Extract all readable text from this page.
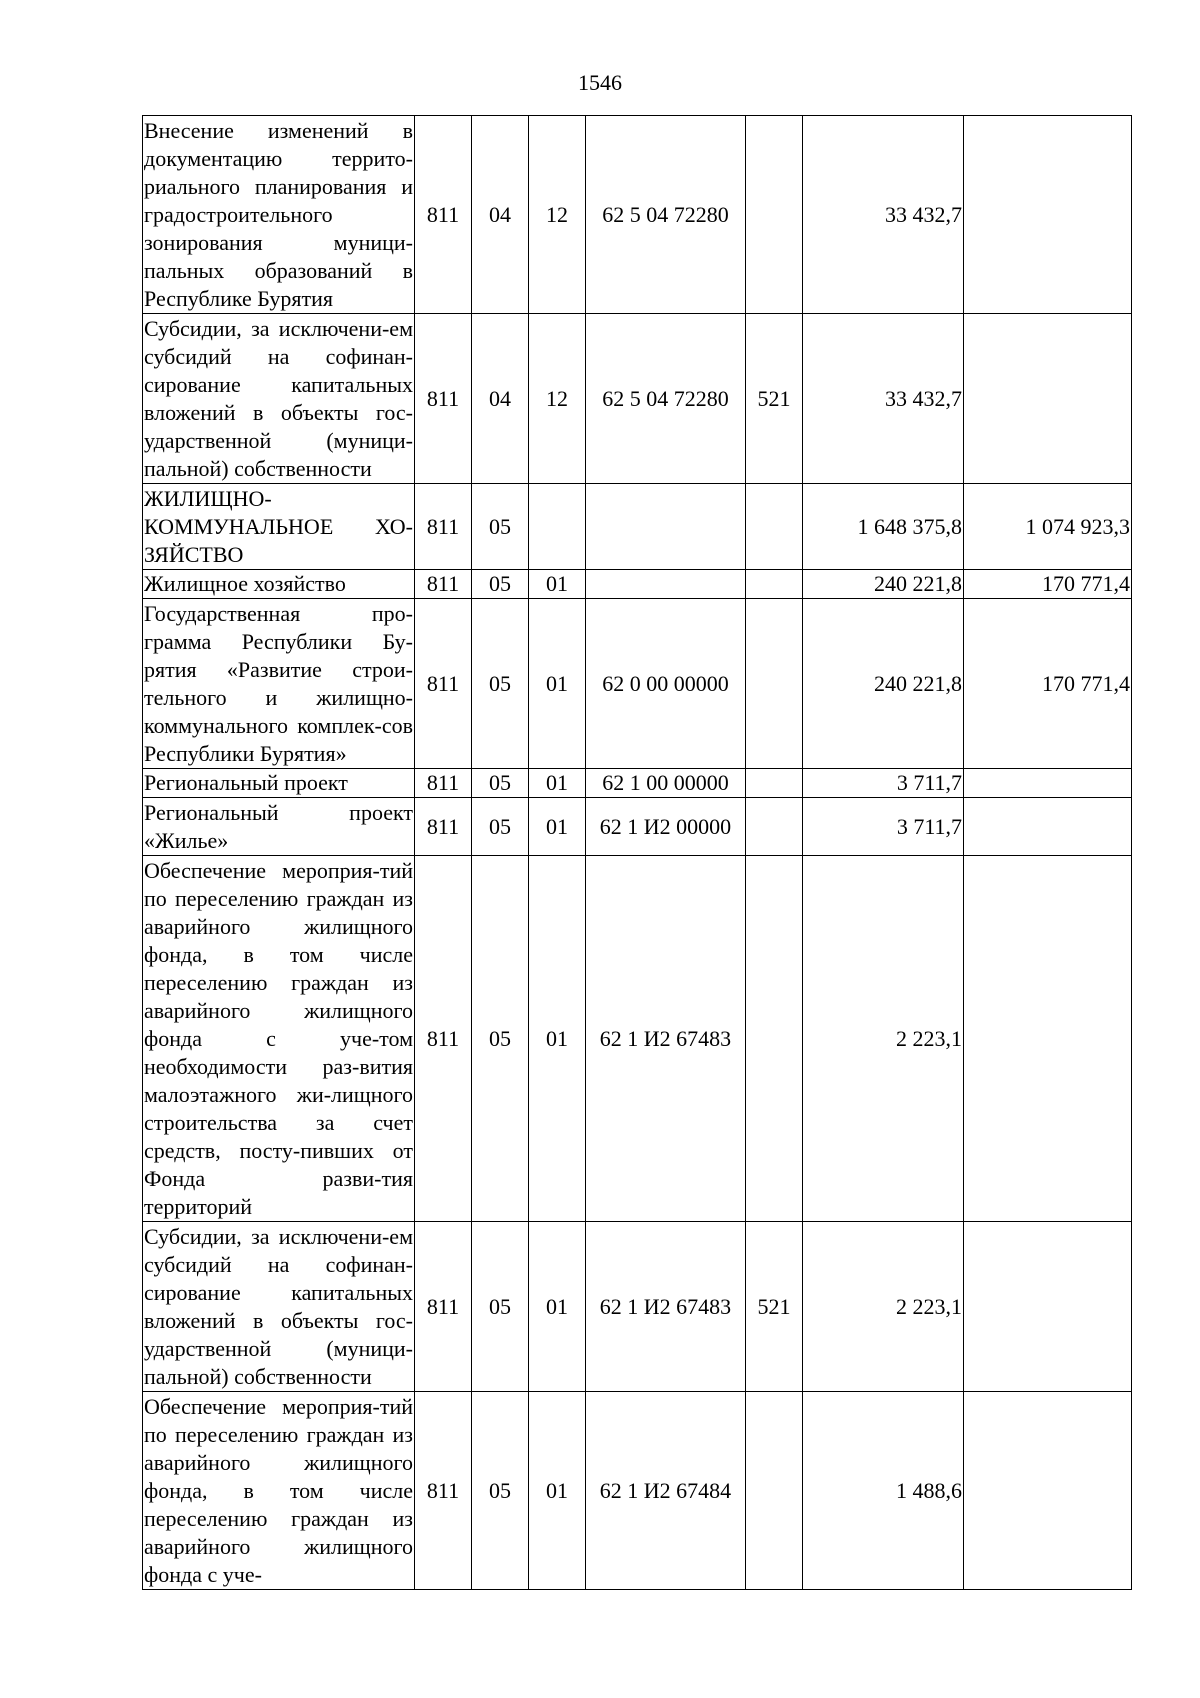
1546
Внесение изменений в документацию террито-риального планирования и градостроительного зонирования муници-пальных образований в Республике Бурятия	811	04	12	62 5 04 72280		33 432,7	
Субсидии, за исключени-ем субсидий на софинан-сирование капитальных вложений в объекты гос-ударственной (муници-пальной) собственности	811	04	12	62 5 04 72280	521	33 432,7	
ЖИЛИЩНО-КОММУНАЛЬНОЕ ХО-ЗЯЙСТВО	811	05				1 648 375,8	1 074 923,3
Жилищное хозяйство	811	05	01			240 221,8	170 771,4
Государственная про-грамма Республики Бу-рятия «Развитие строи-тельного и жилищно-коммунального комплек-сов Республики Бурятия»	811	05	01	62 0 00 00000		240 221,8	170 771,4
Региональный проект	811	05	01	62 1 00 00000		3 711,7	
Региональный проект «Жилье»	811	05	01	62 1 И2 00000		3 711,7	
Обеспечение мероприя-тий по переселению граждан из аварийного жилищного фонда, в том числе переселению граждан из аварийного жилищного фонда с уче-том необходимости раз-вития малоэтажного жи-лищного строительства за счет средств, посту-пивших от Фонда разви-тия территорий	811	05	01	62 1 И2 67483		2 223,1	
Субсидии, за исключени-ем субсидий на софинан-сирование капитальных вложений в объекты гос-ударственной (муници-пальной) собственности	811	05	01	62 1 И2 67483	521	2 223,1	
Обеспечение мероприя-тий по переселению граждан из аварийного жилищного фонда, в том числе переселению граждан из аварийного жилищного фонда с уче-	811	05	01	62 1 И2 67484		1 488,6	
